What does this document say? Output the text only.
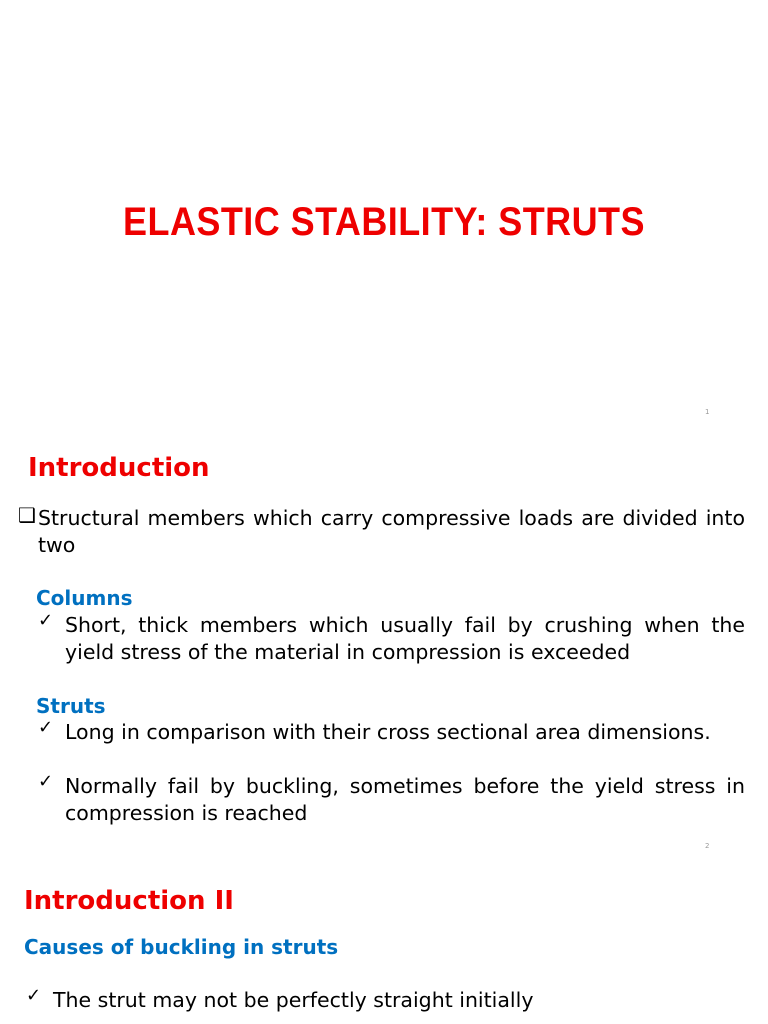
ELASTIC STABILITY: STRUTS
1
Introduction
❑ Structural members which carry compressive loads are divided into two
Columns
✓ Short, thick members which usually fail by crushing when the yield stress of the material in compression is exceeded
Struts
✓ Long in comparison with their cross sectional area dimensions.
✓ Normally fail by buckling, sometimes before the yield stress in compression is reached
2
Introduction II
Causes of buckling in struts
✓ The strut may not be perfectly straight initially
